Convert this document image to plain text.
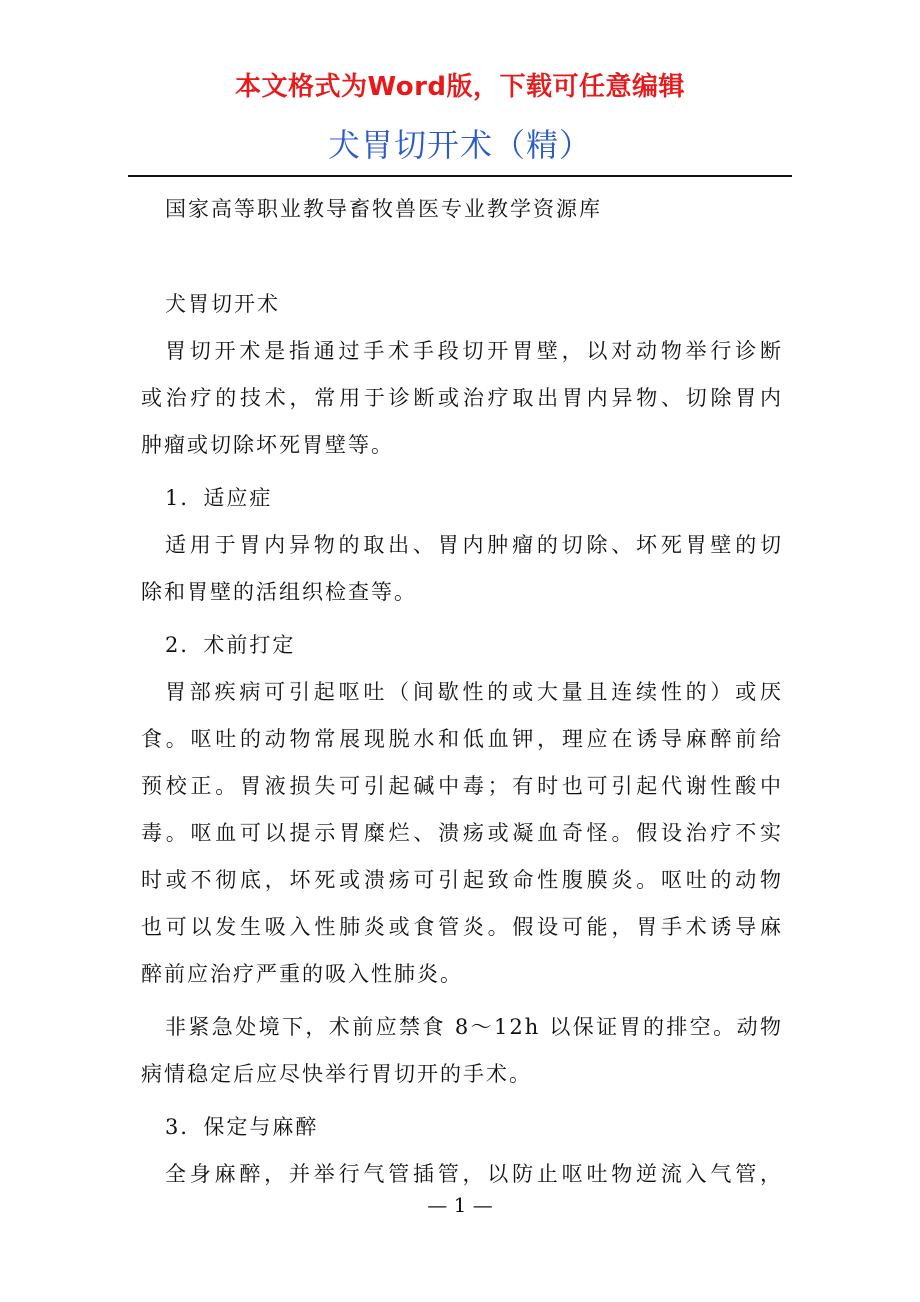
本文格式为Word版，下载可任意编辑
犬胃切开术（精）

国家高等职业教导畜牧兽医专业教学资源库

犬胃切开术

胃切开术是指通过手术手段切开胃壁，以对动物举行诊断

或治疗的技术，常用于诊断或治疗取出胃内异物、切除胃内

肿瘤或切除坏死胃壁等。

1．适应症

适用于胃内异物的取出、胃内肿瘤的切除、坏死胃壁的切

除和胃壁的活组织检查等。

2．术前打定

胃部疾病可引起呕吐（间歇性的或大量且连续性的）或厌

食。呕吐的动物常展现脱水和低血钾，理应在诱导麻醉前给

预校正。胃液损失可引起碱中毒；有时也可引起代谢性酸中

毒。呕血可以提示胃糜烂、溃疡或凝血奇怪。假设治疗不实

时或不彻底，坏死或溃疡可引起致命性腹膜炎。呕吐的动物

也可以发生吸入性肺炎或食管炎。假设可能，胃手术诱导麻

醉前应治疗严重的吸入性肺炎。

非紧急处境下，术前应禁食 8～12h 以保证胃的排空。动物

病情稳定后应尽快举行胃切开的手术。

3．保定与麻醉

全身麻醉，并举行气管插管，以防止呕吐物逆流入气管，

— 1 —
